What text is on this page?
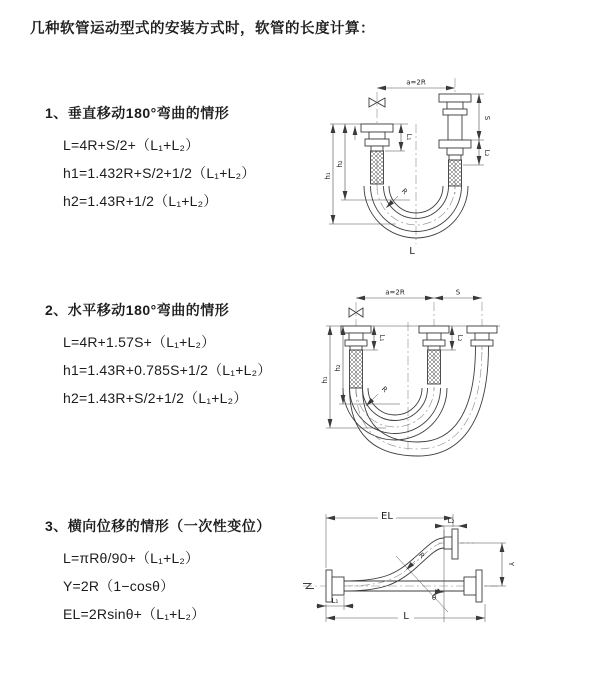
几种软管运动型式的安装方式时，软管的长度计算：
1、垂直移动180°弯曲的情形
L=4R+S/2+（L₁+L₂）
h1=1.432R+S/2+1/2（L₁+L₂）
h2=1.43R+1/2（L₁+L₂）
a=2R
L₁
S
L₂
h₁
h₂
R
L
2、水平移动180°弯曲的情形
L=4R+1.57S+（L₁+L₂）
h1=1.43R+0.785S+1/2（L₁+L₂）
h2=1.43R+S/2+1/2（L₁+L₂）
a=2R	S
L₁	L₂
h₁
h₂
R
3、横向位移的情形（一次性变位）
L=πRθ/90+（L₁+L₂）
Y=2R（1−cosθ）
EL=2Rsinθ+（L₁+L₂）
EL	L₂
Y
θ
R
L
L₁
